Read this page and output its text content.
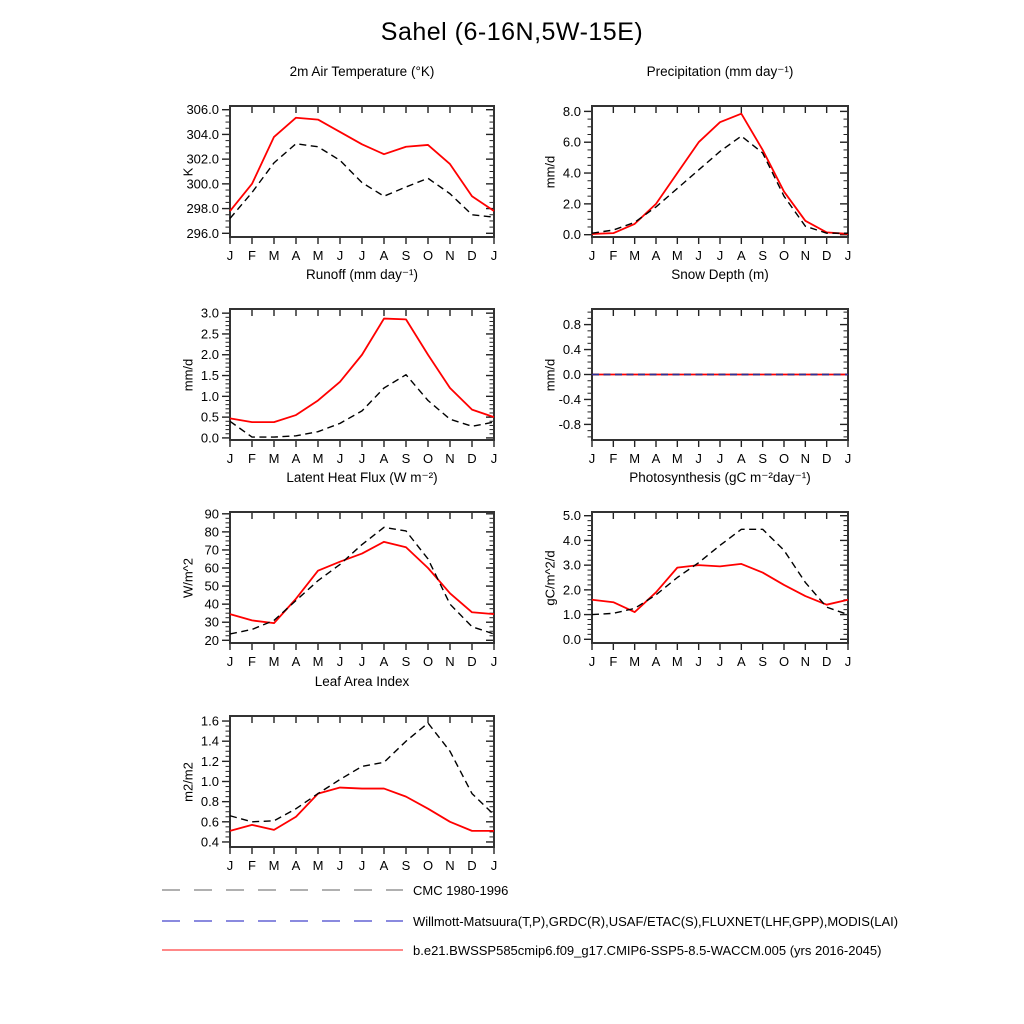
Sahel (6-16N,5W-15E)
2m Air Temperature (°K)
K
296.0
298.0
300.0
302.0
304.0
306.0
J F M A M J J A S O N D J
Precipitation (mm day⁻¹)
mm/d
0.0
2.0
4.0
6.0
8.0
J F M A M J J A S O N D J
Runoff (mm day⁻¹)
mm/d
0.0
0.5
1.0
1.5
2.0
2.5
3.0
J F M A M J J A S O N D J
Snow Depth (m)
mm/d
-0.8
-0.4
0.0
0.4
0.8
J F M A M J J A S O N D J
Latent Heat Flux (W m⁻²)
W/m^2
20
30
40
50
60
70
80
90
J F M A M J J A S O N D J
Photosynthesis (gC m⁻²day⁻¹)
gC/m^2/d
0.0
1.0
2.0
3.0
4.0
5.0
J F M A M J J A S O N D J
Leaf Area Index
m2/m2
0.4
0.6
0.8
1.0
1.2
1.4
1.6
J F M A M J J A S O N D J
CMC 1980-1996
Willmott-Matsuura(T,P),GRDC(R),USAF/ETAC(S),FLUXNET(LHF,GPP),MODIS(LAI)
b.e21.BWSSP585cmip6.f09_g17.CMIP6-SSP5-8.5-WACCM.005 (yrs 2016-2045)
